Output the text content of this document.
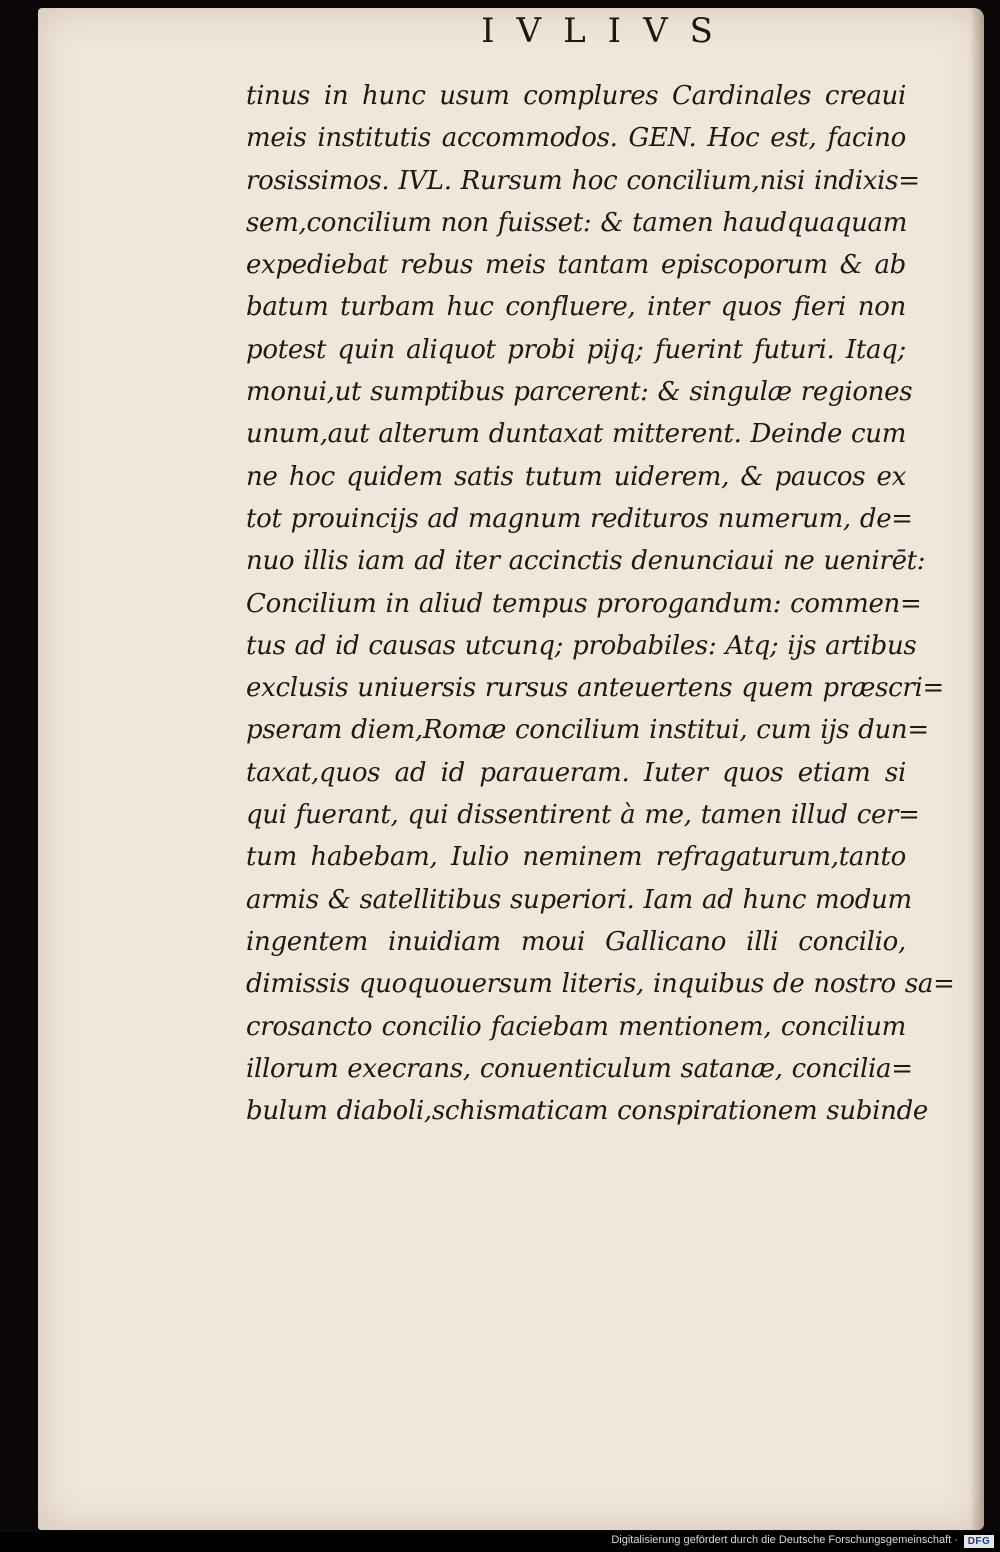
IVLIVS
tinus in hunc usum complures Cardinales creaui
meis institutis accommodos. GEN. Hoc est, facino
rosissimos. IVL. Rursum hoc concilium,nisi indixis=
sem,concilium non fuisset: & tamen haudquaquam
expediebat rebus meis tantam episcoporum & ab
batum turbam huc confluere, inter quos fieri non
potest quin aliquot probi pijq; fuerint futuri. Itaq;
monui,ut sumptibus parcerent: & singulæ regiones
unum,aut alterum duntaxat mitterent. Deinde cum
ne hoc quidem satis tutum uiderem, & paucos ex
tot prouincijs ad magnum redituros numerum, de=
nuo illis iam ad iter accinctis denunciaui ne uenirēt:
Concilium in aliud tempus prorogandum: commen=
tus ad id causas utcunq; probabiles: Atq; ijs artibus
exclusis uniuersis rursus anteuertens quem præscri=
pseram diem,Romæ concilium institui, cum ijs dun=
taxat,quos ad id paraueram. Iuter quos etiam si
qui fuerant, qui dissentirent à me, tamen illud cer=
tum habebam, Iulio neminem refragaturum,tanto
armis & satellitibus superiori. Iam ad hunc modum
ingentem inuidiam moui Gallicano illi concilio,
dimissis quoquouersum literis, inquibus de nostro sa=
crosancto concilio faciebam mentionem, concilium
illorum execrans, conuenticulum satanæ, concilia=
bulum diaboli,schismaticam conspirationem subinde
Digitalisierung gefördert durch die Deutsche Forschungsgemeinschaft · DFG
